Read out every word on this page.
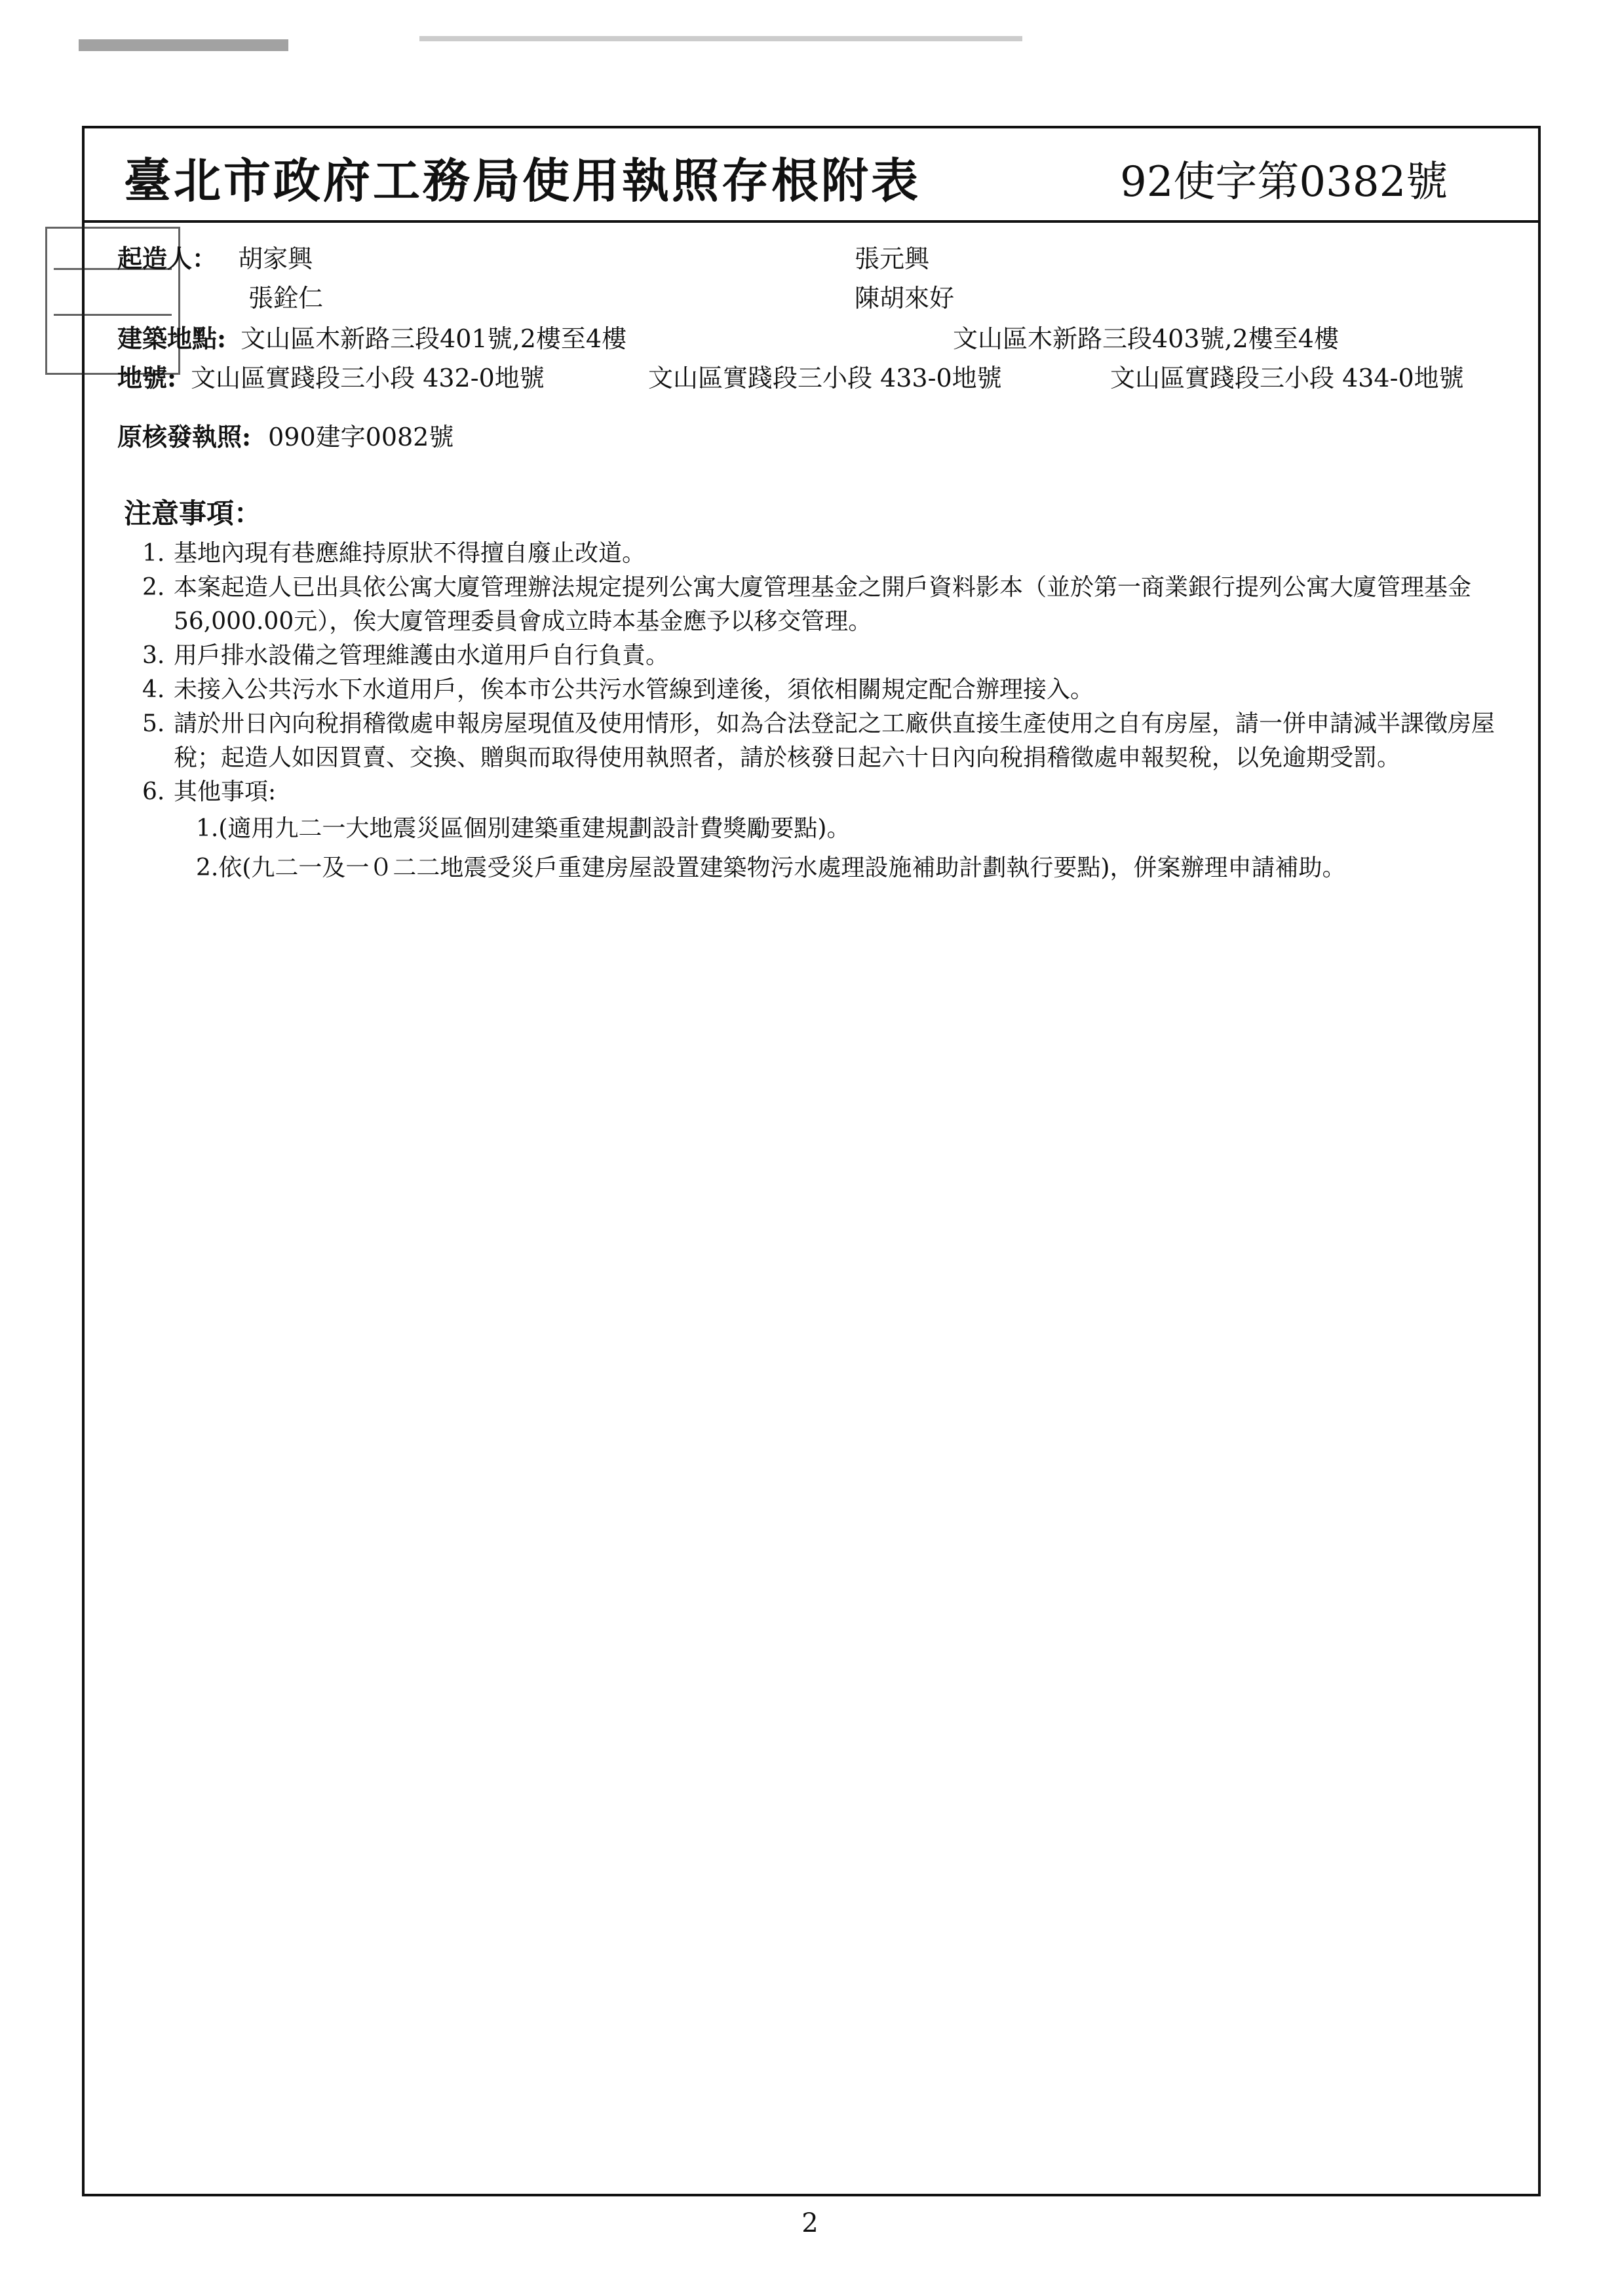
臺北市政府工務局使用執照存根附表	92使字第0382號
起造人： 胡家興	張元興
張銓仁	陳胡來好
建築地點: 文山區木新路三段401號,2樓至4樓	文山區木新路三段403號,2樓至4樓
地號: 文山區實踐段三小段 432-0地號	文山區實踐段三小段 433-0地號	文山區實踐段三小段 434-0地號
原核發執照: 090建字0082號
注意事項：
1. 基地內現有巷應維持原狀不得擅自廢止改道。
2. 本案起造人已出具依公寓大廈管理辦法規定提列公寓大廈管理基金之開戶資料影本（並於第一商業銀行提列公寓大廈管理基金56,000.00元），俟大廈管理委員會成立時本基金應予以移交管理。
3. 用戶排水設備之管理維護由水道用戶自行負責。
4. 未接入公共污水下水道用戶，俟本市公共污水管線到達後，須依相關規定配合辦理接入。
5. 請於卅日內向稅捐稽徵處申報房屋現值及使用情形，如為合法登記之工廠供直接生產使用之自有房屋，請一併申請減半課徵房屋稅；起造人如因買賣、交換、贈與而取得使用執照者，請於核發日起六十日內向稅捐稽徵處申報契稅，以免逾期受罰。
6. 其他事項:
1.(適用九二一大地震災區個別建築重建規劃設計費獎勵要點)。
2.依(九二一及一０二二地震受災戶重建房屋設置建築物污水處理設施補助計劃執行要點)，併案辦理申請補助。
2
